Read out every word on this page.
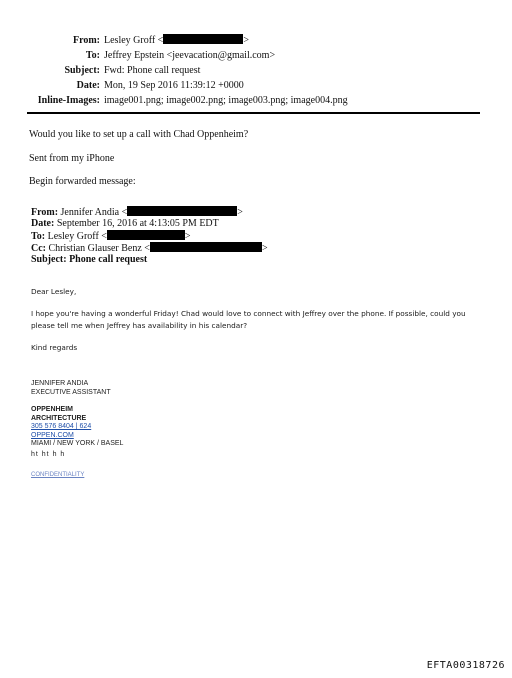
From: Lesley Groff <	>
To: Jeffrey Epstein <jeevacation@gmail.com>
Subject: Fwd: Phone call request
Date: Mon, 19 Sep 2016 11:39:12 +0000
Inline-Images: image001.png; image002.png; image003.png; image004.png
Would you like to set up a call with Chad Oppenheim?
Sent from my iPhone
Begin forwarded message:
From: Jennifer Andia <	>
Date: September 16, 2016 at 4:13:05 PM EDT
To: Lesley Groff <	>
Cc: Christian Glauser Benz <	>
Subject: Phone call request
Dear Lesley,
I hope you're having a wonderful Friday! Chad would love to connect with Jeffrey over the phone. If possible, could you
please tell me when Jeffrey has availability in his calendar?
Kind regards
JENNIFER ANDIA
EXECUTIVE ASSISTANT
OPPENHEIM
ARCHITECTURE
305 576 8404 | 624
OPPEN.COM
MIAMI / NEW YORK / BASEL
ht ht h h
CONFIDENTIALITY
EFTA00318726
